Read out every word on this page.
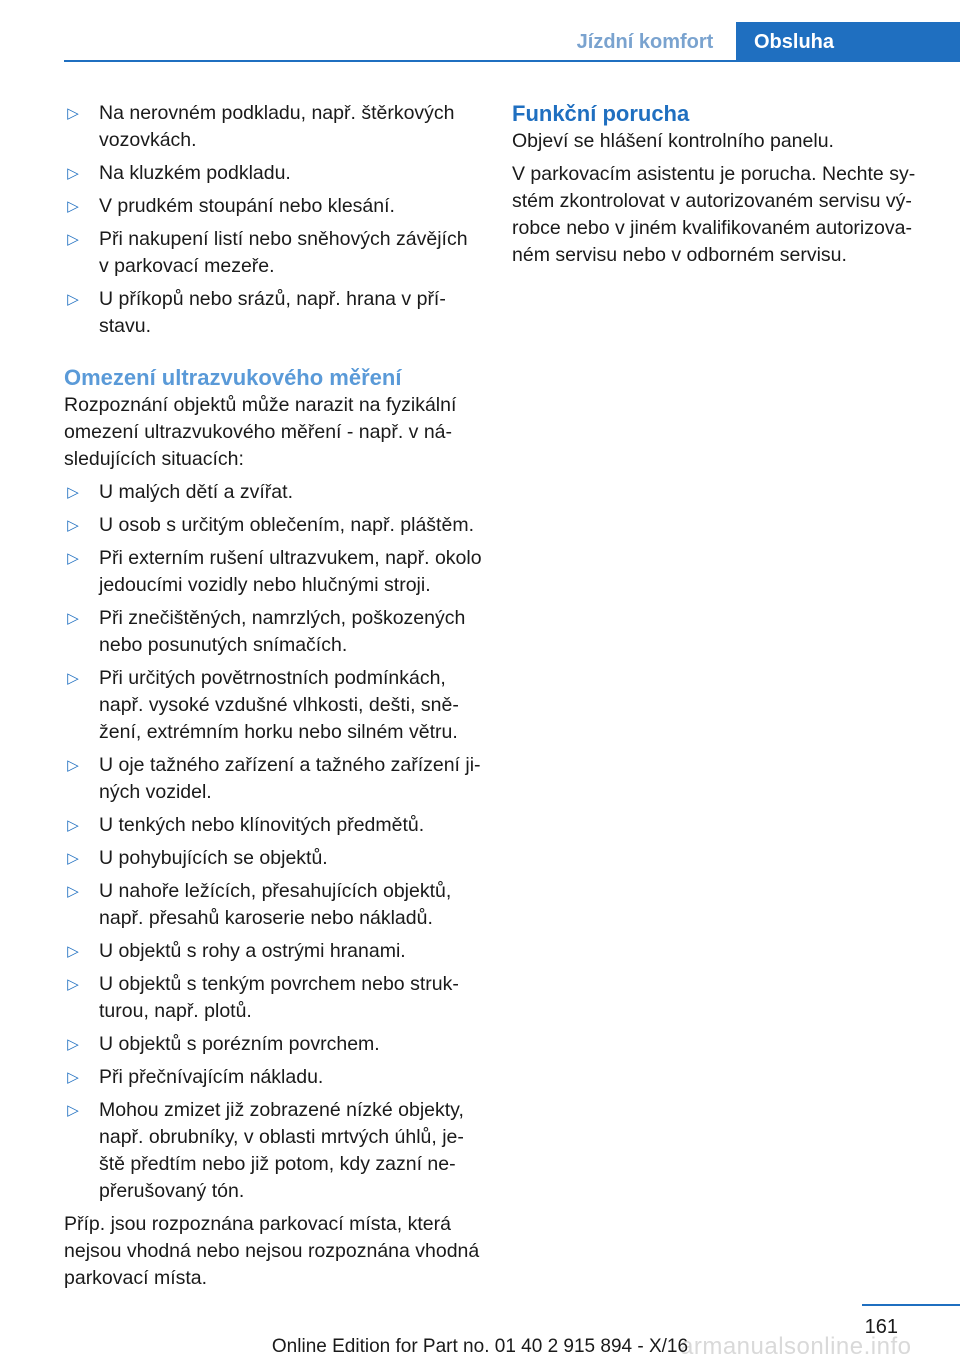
Jízdní komfort	Obsluha
▷ Na nerovném podkladu, např. štěrkových vozovkách.
▷ Na kluzkém podkladu.
▷ V prudkém stoupání nebo klesání.
▷ Při nakupení listí nebo sněhových závějích v parkovací mezeře.
▷ U příkopů nebo srázů, např. hrana v pří‐stavu.
Omezení ultrazvukového měření

Rozpoznání objektů může narazit na fyzikální omezení ultrazvukového měření - např. v ná‐sledujících situacích:

▷ U malých dětí a zvířat.
▷ U osob s určitým oblečením, např. pláštěm.
▷ Při externím rušení ultrazvukem, např. okolo jedoucími vozidly nebo hlučnými stroji.
▷ Při znečištěných, namrzlých, poškozených nebo posunutých snímačích.
▷ Při určitých povětrnostních podmínkách, např. vysoké vzdušné vlhkosti, dešti, sně‐žení, extrémním horku nebo silném větru.
▷ U oje tažného zařízení a tažného zařízení ji‐ných vozidel.
▷ U tenkých nebo klínovitých předmětů.
▷ U pohybujících se objektů.
▷ U nahoře ležících, přesahujících objektů, např. přesahů karoserie nebo nákladů.
▷ U objektů s rohy a ostrými hranami.
▷ U objektů s tenkým povrchem nebo struk‐turou, např. plotů.
▷ U objektů s porézním povrchem.
▷ Při přečnívajícím nákladu.
▷ Mohou zmizet již zobrazené nízké objekty, např. obrubníky, v oblasti mrtvých úhlů, je‐ště předtím nebo již potom, kdy zazní ne‐přerušovaný tón.

Příp. jsou rozpoznána parkovací místa, která nejsou vhodná nebo nejsou rozpoznána vhodná parkovací místa.

Funkční porucha

Objeví se hlášení kontrolního panelu.

V parkovacím asistentu je porucha. Nechte sy‐stém zkontrolovat v autorizovaném servisu vý‐robce nebo v jiném kvalifikovaném autorizova‐ném servisu nebo v odborném servisu.

161
armanualsonline.info
Online Edition for Part no. 01 40 2 915 894 - X/16
